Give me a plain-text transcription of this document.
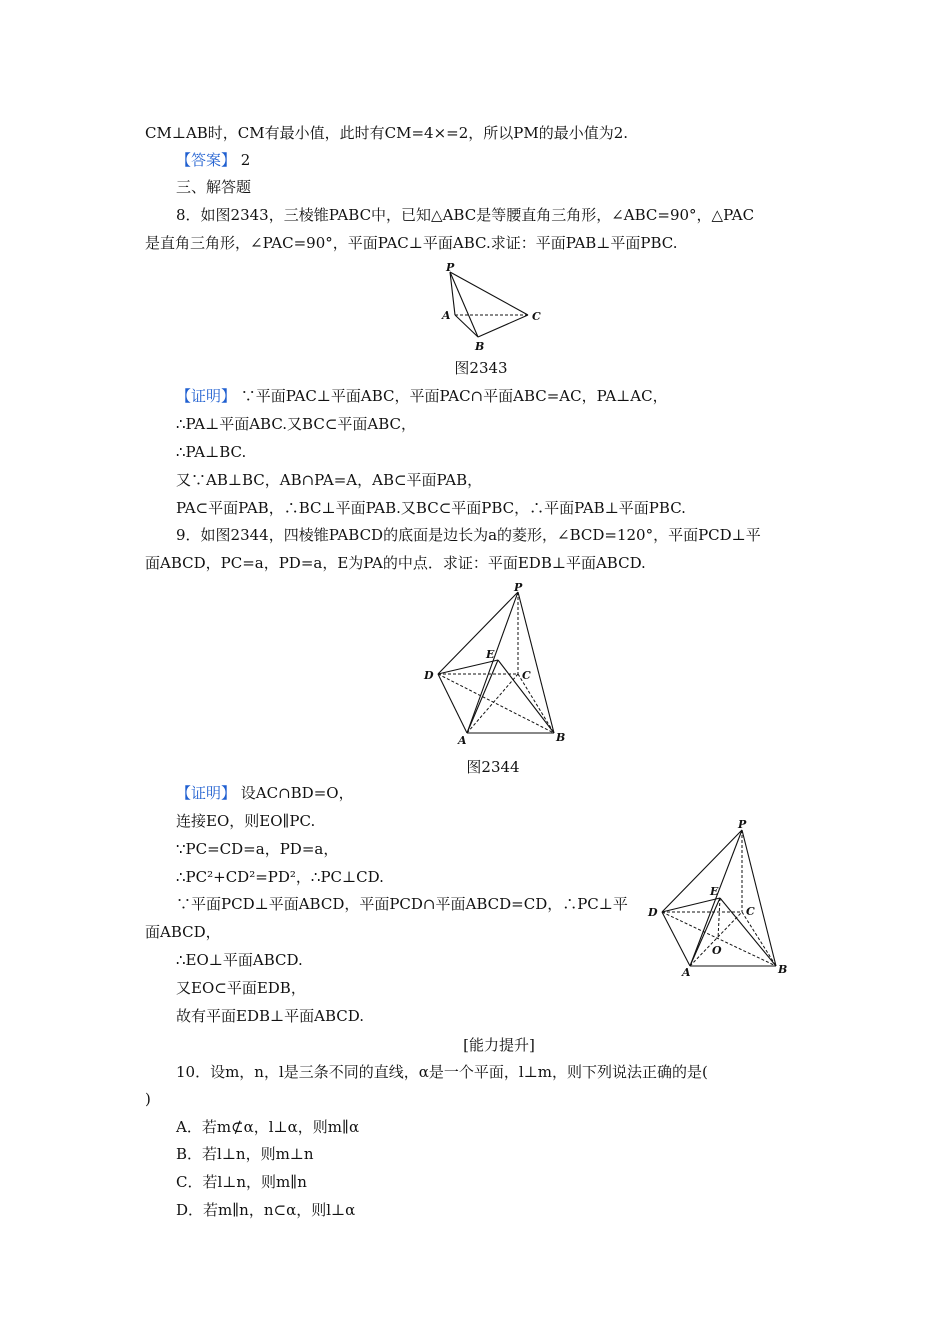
CM⊥AB时，CM有最小值，此时有CM=4×=2，所以PM的最小值为2.
【答案】 2
三、解答题
8．如图2343，三棱锥PABC中，已知△ABC是等腰直角三角形，∠ABC=90°，△PAC
是直角三角形，∠PAC=90°，平面PAC⊥平面ABC.求证：平面PAB⊥平面PBC.
P
A
B
C
图2343
【证明】 ∵平面PAC⊥平面ABC，平面PAC∩平面ABC=AC，PA⊥AC，
∴PA⊥平面ABC.又BC⊂平面ABC，
∴PA⊥BC.
又∵AB⊥BC，AB∩PA=A，AB⊂平面PAB，
PA⊂平面PAB，∴BC⊥平面PAB.又BC⊂平面PBC，∴平面PAB⊥平面PBC.
9．如图2344，四棱锥PABCD的底面是边长为a的菱形，∠BCD=120°，平面PCD⊥平
面ABCD，PC=a，PD=a，E为PA的中点．求证：平面EDB⊥平面ABCD.
P
E
D	C
A	B
图2344
【证明】 设AC∩BD=O，
连接EO，则EO∥PC.
∵PC=CD=a，PD=a，
∴PC²+CD²=PD²，∴PC⊥CD.
∵平面PCD⊥平面ABCD，平面PCD∩平面ABCD=CD，∴PC⊥平
面ABCD，
∴EO⊥平面ABCD.
又EO⊂平面EDB，
故有平面EDB⊥平面ABCD.
P
E
D	C
O
A	B
[能力提升]
10．设m，n，l是三条不同的直线，α是一个平面，l⊥m，则下列说法正确的是(
)
A．若m⊄α，l⊥α，则m∥α
B．若l⊥n，则m⊥n
C．若l⊥n，则m∥n
D．若m∥n，n⊂α，则l⊥α
